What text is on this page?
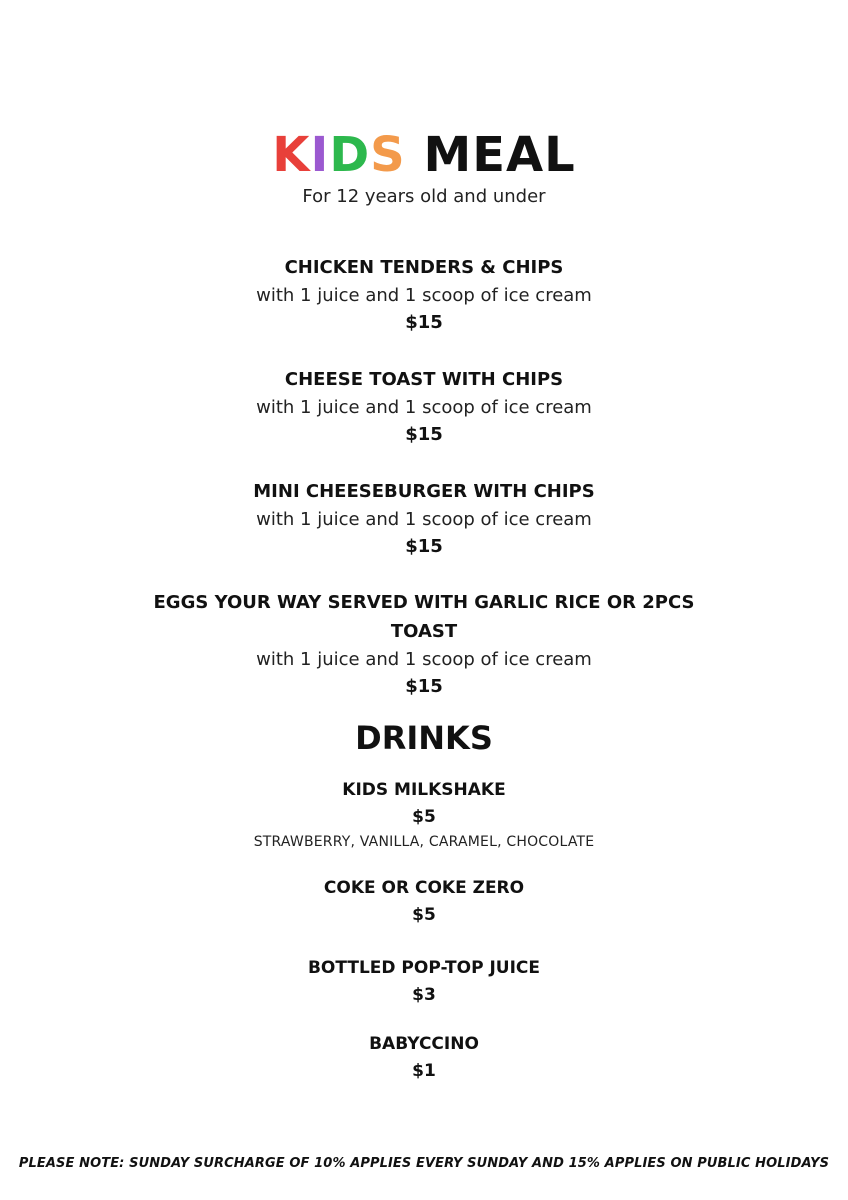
KIDS MEAL
For 12 years old and under
CHICKEN TENDERS & CHIPS
with 1 juice and 1 scoop of ice cream
$15
CHEESE TOAST WITH CHIPS
with 1 juice and 1 scoop of ice cream
$15
MINI CHEESEBURGER WITH CHIPS
with 1 juice and 1 scoop of ice cream
$15
EGGS YOUR WAY SERVED WITH GARLIC RICE OR 2PCS
TOAST
with 1 juice and 1 scoop of ice cream
$15
DRINKS
KIDS MILKSHAKE
$5
STRAWBERRY, VANILLA, CARAMEL, CHOCOLATE
COKE OR COKE ZERO
$5
BOTTLED POP-TOP JUICE
$3
BABYCCINO
$1
PLEASE NOTE: SUNDAY SURCHARGE OF 10% APPLIES EVERY SUNDAY AND 15% APPLIES ON PUBLIC HOLIDAYS
